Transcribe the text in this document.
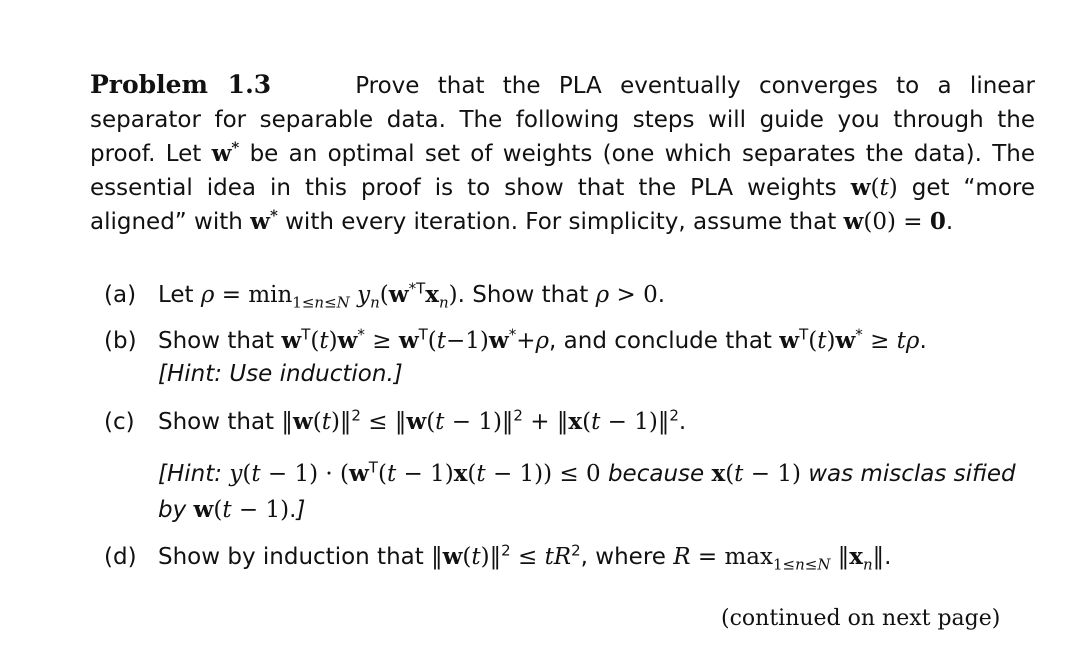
Problem 1.3	Prove that the PLA eventually converges to a linear separator for separable data. The following steps will guide you through the proof. Let w* be an optimal set of weights (one which separates the data). The essential idea in this proof is to show that the PLA weights w(t) get “more aligned” with w* with every iteration. For simplicity, assume that w(0) = 0.
(a) Let $\rho = \min_{1\le n\le N} y_n(w^{*T}x_n)$. Show that ρ > 0.
(b) Show that $w^T(t)w^* \ge w^T(t-1)w^*+\rho$, and conclude that $w^T(t)w^* \ge t\rho$.
[Hint: Use induction.]
(c) Show that ‖w(t)‖$^2$ ≤ ‖w(t − 1)‖$^2$ + ‖x(t − 1)‖$^2$.
[Hint: $y(t - 1) \cdot (w^T(t - 1)x(t - 1)) \le 0$ because x(t − 1) was misclas sified by w(t − 1).]
(d) Show by induction that ‖w(t)‖$^2$ ≤ $tR^2$, where $R = \max_{1\le n\le N}$ $‖x_n‖$.
(continued on next page)
